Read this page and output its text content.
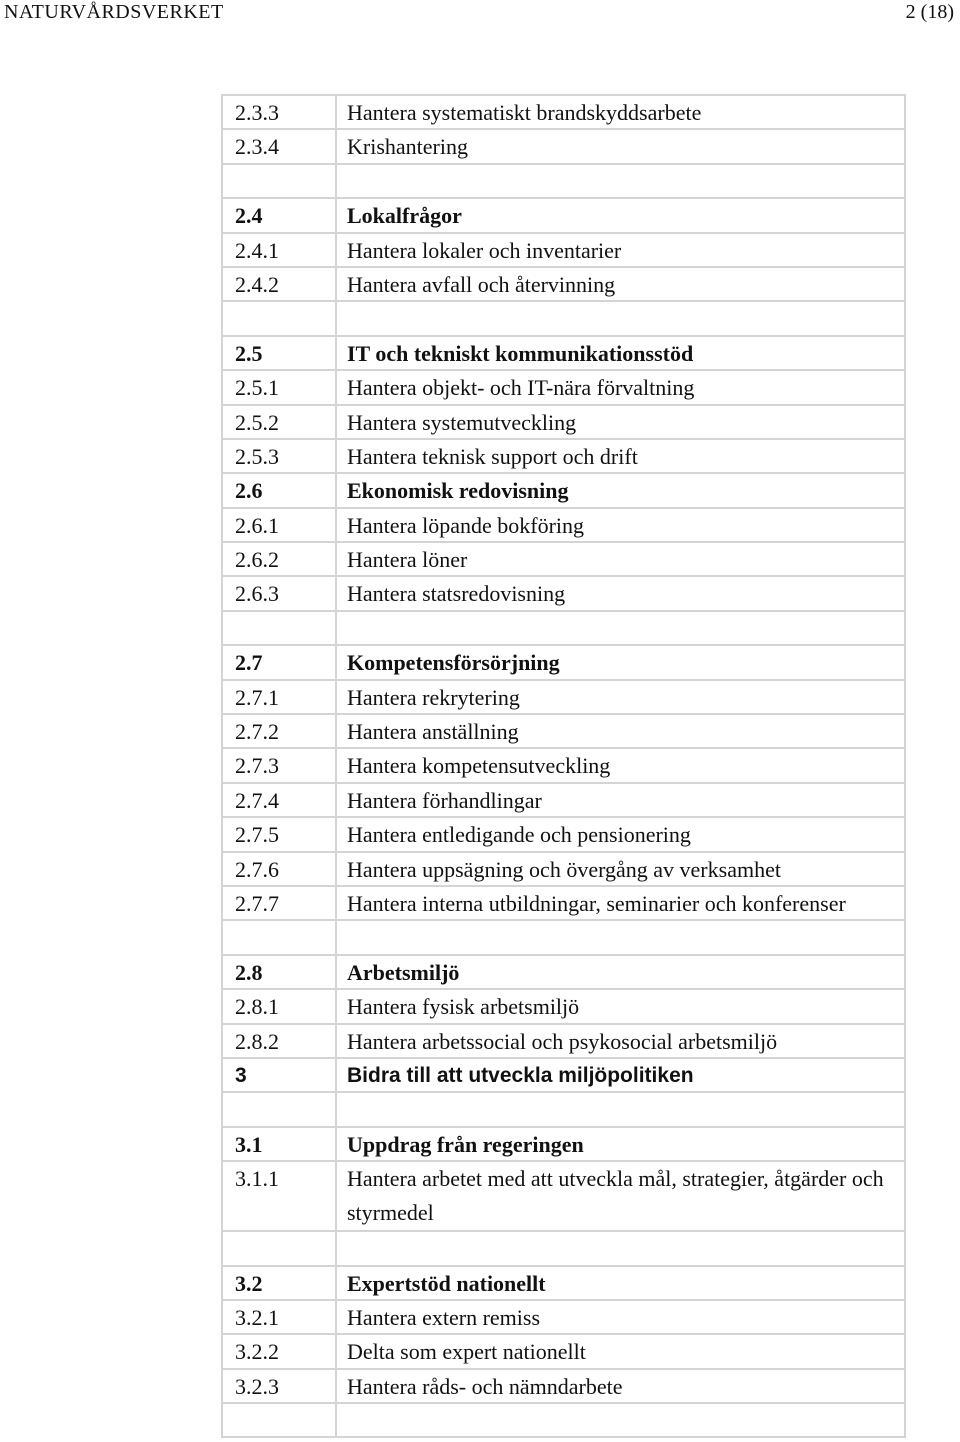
NATURVÅRDSVERKET	2 (18)
2.3.3	Hantera systematiskt brandskyddsarbete
2.3.4	Krishantering

2.4	Lokalfrågor
2.4.1	Hantera lokaler och inventarier
2.4.2	Hantera avfall och återvinning

2.5	IT och tekniskt kommunikationsstöd
2.5.1	Hantera objekt- och IT-nära förvaltning
2.5.2	Hantera systemutveckling
2.5.3	Hantera teknisk support och drift
2.6	Ekonomisk redovisning
2.6.1	Hantera löpande bokföring
2.6.2	Hantera löner
2.6.3	Hantera statsredovisning

2.7	Kompetensförsörjning
2.7.1	Hantera rekrytering
2.7.2	Hantera anställning
2.7.3	Hantera kompetensutveckling
2.7.4	Hantera förhandlingar
2.7.5	Hantera entledigande och pensionering
2.7.6	Hantera uppsägning och övergång av verksamhet
2.7.7	Hantera interna utbildningar, seminarier och konferenser

2.8	Arbetsmiljö
2.8.1	Hantera fysisk arbetsmiljö
2.8.2	Hantera arbetssocial och psykosocial arbetsmiljö
3	Bidra till att utveckla miljöpolitiken

3.1	Uppdrag från regeringen
3.1.1	Hantera arbetet med att utveckla mål, strategier, åtgärder och styrmedel

3.2	Expertstöd nationellt
3.2.1	Hantera extern remiss
3.2.2	Delta som expert nationellt
3.2.3	Hantera råds- och nämndarbete
